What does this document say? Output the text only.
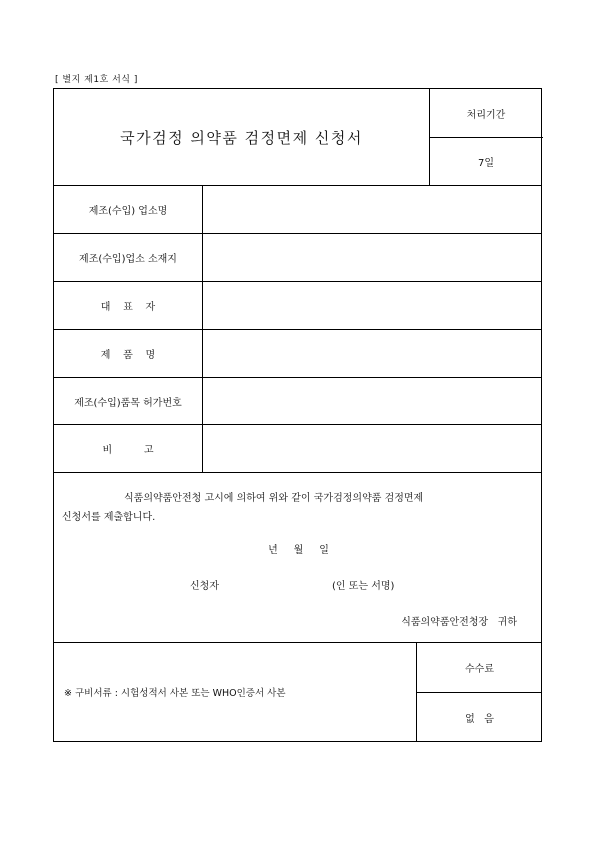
[ 별지 제1호 서식 ]
국가검정 의약품 검정면제 신청서
처리기간
7일
제조(수입) 업소명
제조(수입)업소 소재지
대    표    자
제    품    명
제조(수입)품목 허가번호
비          고
식품의약품안전청 고시에 의하여 위와 같이 국가검정의약품 검정면제
신청서를 제출합니다.
년     월     일
신청자	(인 또는 서명)
식품의약품안전청장   귀하
※ 구비서류 : 시험성적서 사본 또는 WHO인증서 사본
수수료
없   음
